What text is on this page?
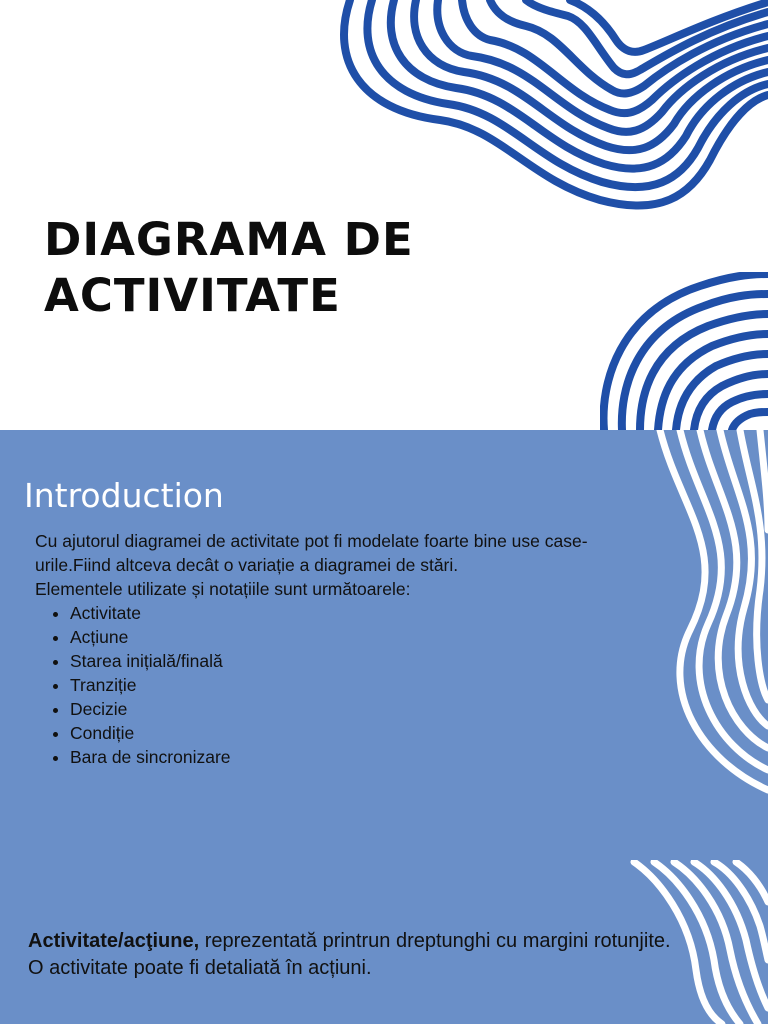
DIAGRAMA DE
ACTIVITATE
Introduction

Cu ajutorul diagramei de activitate pot fi modelate foarte bine use case-urile.Fiind altceva decât o variație a diagramei de stări.

Elementele utilizate și notațiile sunt următoarele:

• Activitate
• Acțiune
• Starea inițială/finală
• Tranziție
• Decizie
• Condiție
• Bara de sincronizare

Activitate/acţiune, reprezentată printrun dreptunghi cu margini rotunjite.

O activitate poate fi detaliată în acțiuni.
